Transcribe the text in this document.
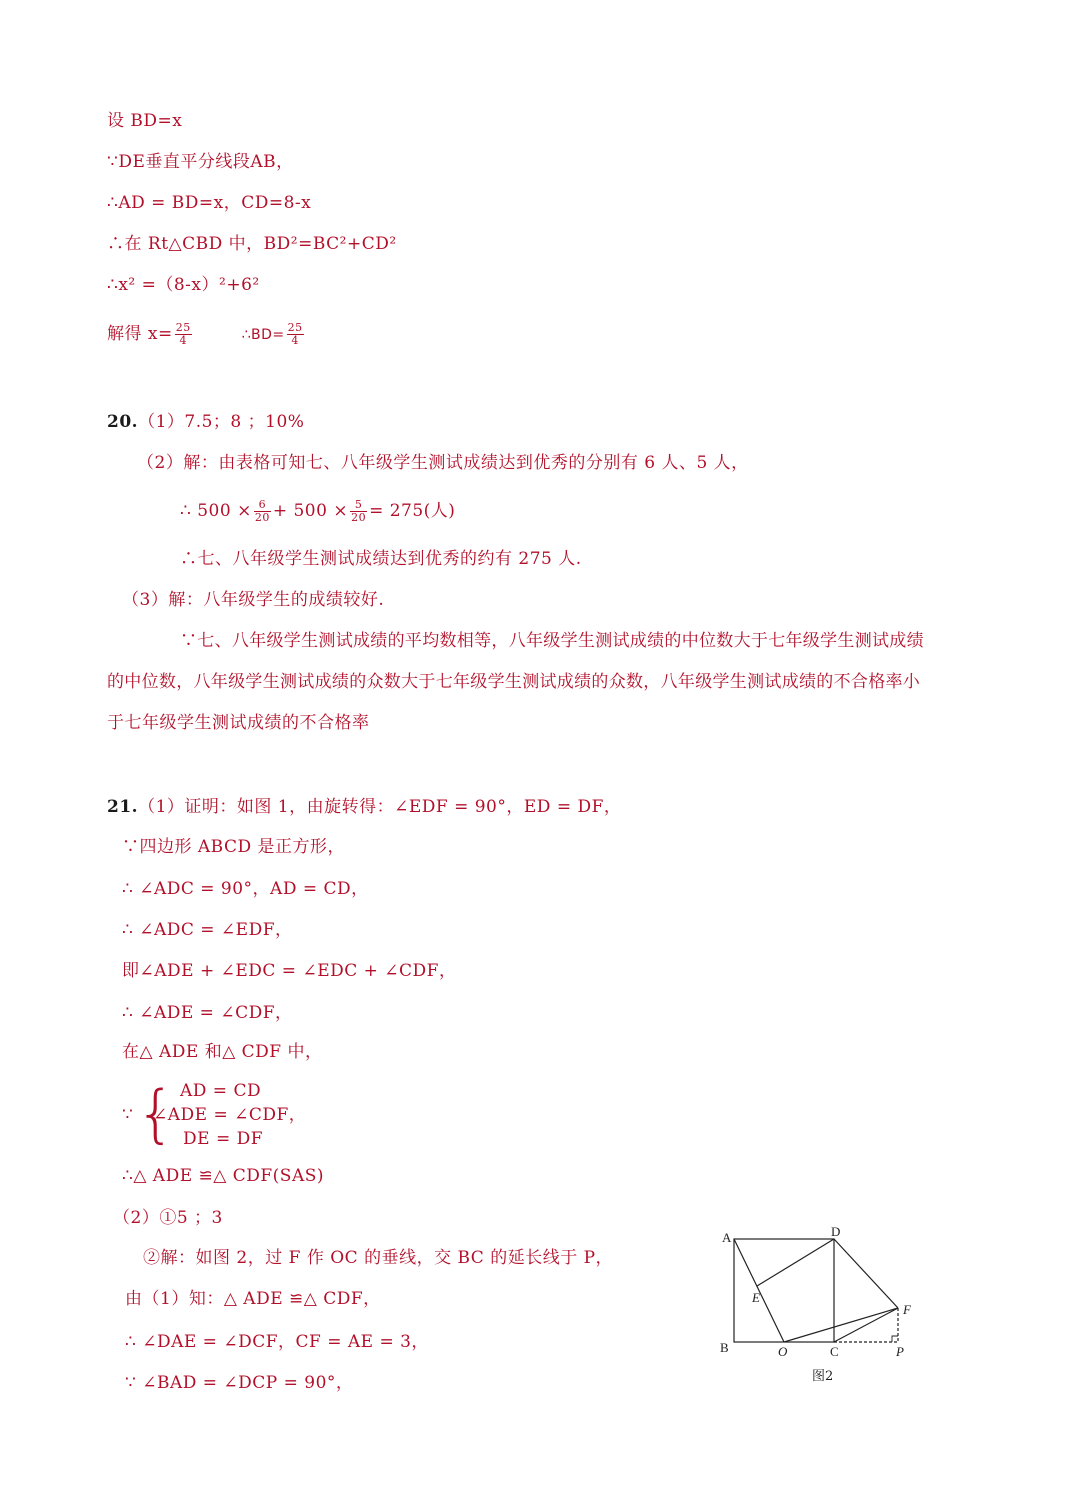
设 BD=x
∵DE垂直平分线段AB，
∴AD = BD=x，CD=8-x
∴在 Rt△CBD 中，BD²=BC²+CD²
∴x² =（8-x）²+6²
解得 $x= \frac{25}{4}$	∴BD= $\frac{25}{4}$
20.（1）7.5；8 ；10%
（2）解：由表格可知七、八年级学生测试成绩达到优秀的分别有 6 人、5 人，
∴ $500 \times \frac{6}{20} + 500 \times \frac{5}{20} = 275$(人)
∴七、八年级学生测试成绩达到优秀的约有 275 人.
（3）解：八年级学生的成绩较好.
∵七、八年级学生测试成绩的平均数相等，八年级学生测试成绩的中位数大于七年级学生测试成绩
的中位数，八年级学生测试成绩的众数大于七年级学生测试成绩的众数，八年级学生测试成绩的不合格率小
于七年级学生测试成绩的不合格率
21.（1）证明：如图 1，由旋转得：∠EDF = 90°，ED = DF，
∵四边形 ABCD 是正方形，
∴ ∠ADC = 90°，AD = CD，
∴ ∠ADC = ∠EDF，
即∠ADE + ∠EDC = ∠EDC + ∠CDF，
∴ ∠ADE = ∠CDF，
在△ ADE 和△ CDF 中，
∵ { AD = CD
∠ADE = ∠CDF，
DE = DF
∴△ ADE ≌△ CDF(SAS)
（2）①5 ；3
②解：如图 2，过 F 作 OC 的垂线，交 BC 的延长线于 P，
由（1）知：△ ADE ≌△ CDF，
∴ ∠DAE = ∠DCF，CF = AE = 3，
∵ ∠BAD = ∠DCP = 90°，
A	D
E
F
B	O	C	P
图2
